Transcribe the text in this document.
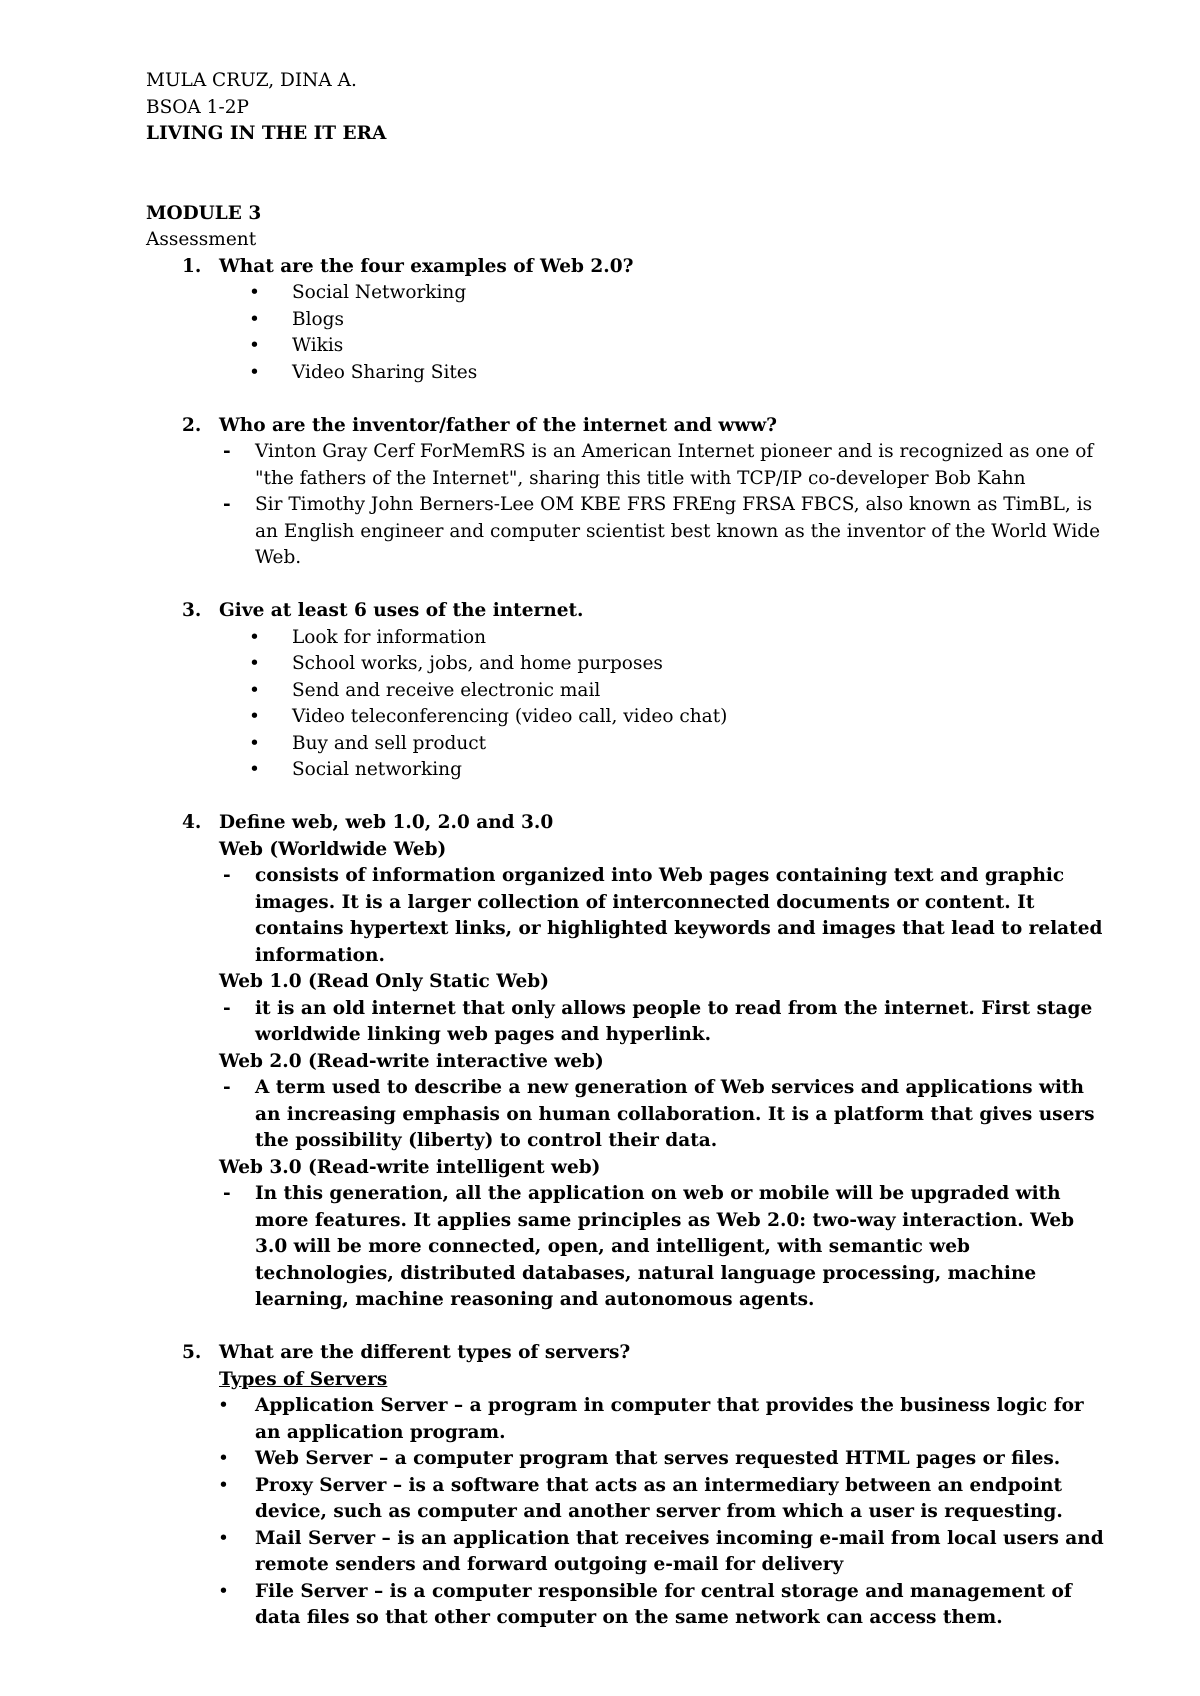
MULA CRUZ, DINA A.
BSOA 1-2P
LIVING IN THE IT ERA
MODULE 3
Assessment
1. What are the four examples of Web 2.0?
• Social Networking
• Blogs
• Wikis
• Video Sharing Sites
2. Who are the inventor/father of the internet and www?
- Vinton Gray Cerf ForMemRS is an American Internet pioneer and is recognized as one of "the fathers of the Internet", sharing this title with TCP/IP co-developer Bob Kahn
- Sir Timothy John Berners-Lee OM KBE FRS FREng FRSA FBCS, also known as TimBL, is an English engineer and computer scientist best known as the inventor of the World Wide Web.
3. Give at least 6 uses of the internet.
• Look for information
• School works, jobs, and home purposes
• Send and receive electronic mail
• Video teleconferencing (video call, video chat)
• Buy and sell product
• Social networking
4. Define web, web 1.0, 2.0 and 3.0
Web (Worldwide Web)
- consists of information organized into Web pages containing text and graphic images. It is a larger collection of interconnected documents or content. It contains hypertext links, or highlighted keywords and images that lead to related information.
Web 1.0 (Read Only Static Web)
- it is an old internet that only allows people to read from the internet. First stage worldwide linking web pages and hyperlink.
Web 2.0 (Read-write interactive web)
- A term used to describe a new generation of Web services and applications with an increasing emphasis on human collaboration. It is a platform that gives users the possibility (liberty) to control their data.
Web 3.0 (Read-write intelligent web)
- In this generation, all the application on web or mobile will be upgraded with more features. It applies same principles as Web 2.0: two-way interaction. Web 3.0 will be more connected, open, and intelligent, with semantic web technologies, distributed databases, natural language processing, machine learning, machine reasoning and autonomous agents.
5. What are the different types of servers?
Types of Servers
• Application Server – a program in computer that provides the business logic for an application program.
• Web Server – a computer program that serves requested HTML pages or files.
• Proxy Server – is a software that acts as an intermediary between an endpoint device, such as computer and another server from which a user is requesting.
• Mail Server – is an application that receives incoming e-mail from local users and remote senders and forward outgoing e-mail for delivery
• File Server – is a computer responsible for central storage and management of data files so that other computer on the same network can access them.
